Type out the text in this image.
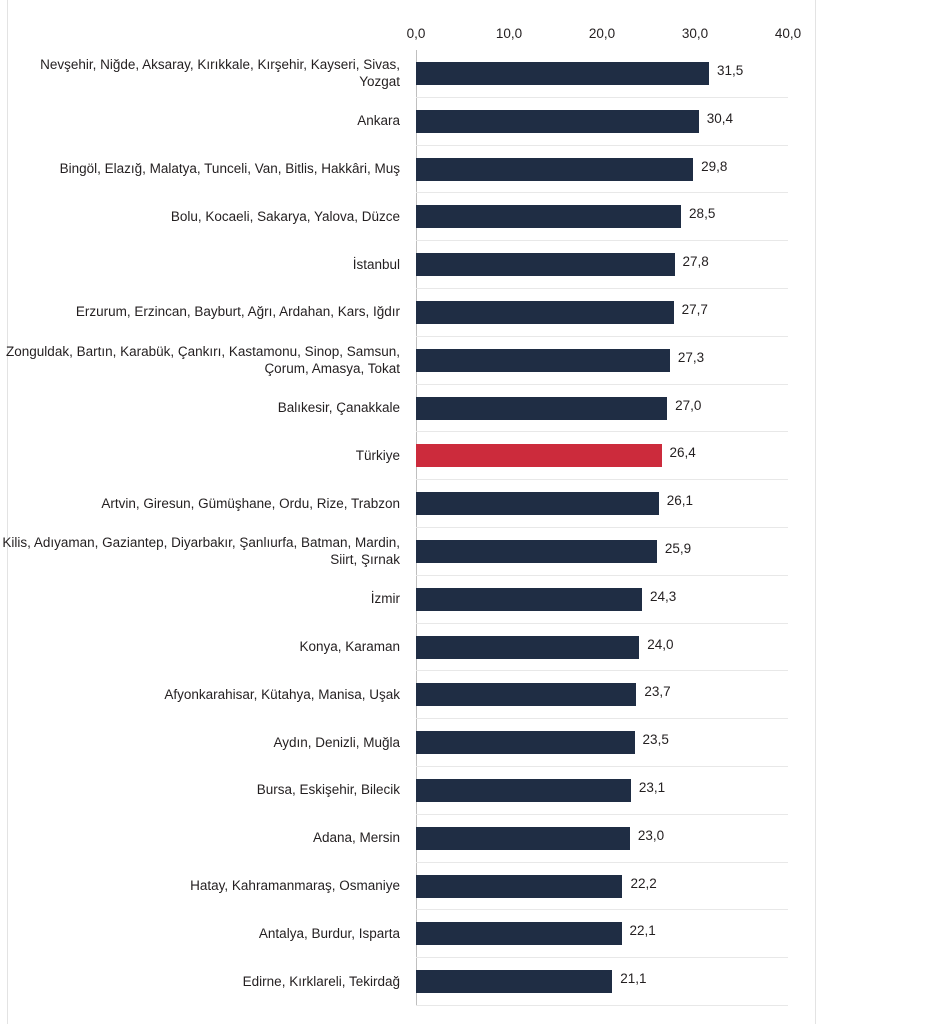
0,0	10,0	20,0	30,0	40,0
31,5
30,4
29,8
28,5
27,8
27,7
27,3
27,0
26,4
26,1
25,9
24,3
24,0
23,7
23,5
23,1
23,0
22,2
22,1
21,1
Nevşehir, Niğde, Aksaray, Kırıkkale, Kırşehir, Kayseri, Sivas, Yozgat
Ankara
Bingöl, Elazığ, Malatya, Tunceli, Van, Bitlis, Hakkâri, Muş
Bolu, Kocaeli, Sakarya, Yalova, Düzce
İstanbul
Erzurum, Erzincan, Bayburt, Ağrı, Ardahan, Kars, Iğdır
Zonguldak, Bartın, Karabük, Çankırı, Kastamonu, Sinop, Samsun, Çorum, Amasya, Tokat
Balıkesir, Çanakkale
Türkiye
Artvin, Giresun, Gümüşhane, Ordu, Rize, Trabzon
Kilis, Adıyaman, Gaziantep, Diyarbakır, Şanlıurfa, Batman, Mardin, Siirt, Şırnak
İzmir
Konya, Karaman
Afyonkarahisar, Kütahya, Manisa, Uşak
Aydın, Denizli, Muğla
Bursa, Eskişehir, Bilecik
Adana, Mersin
Hatay, Kahramanmaraş, Osmaniye
Antalya, Burdur, Isparta
Edirne, Kırklareli, Tekirdağ
